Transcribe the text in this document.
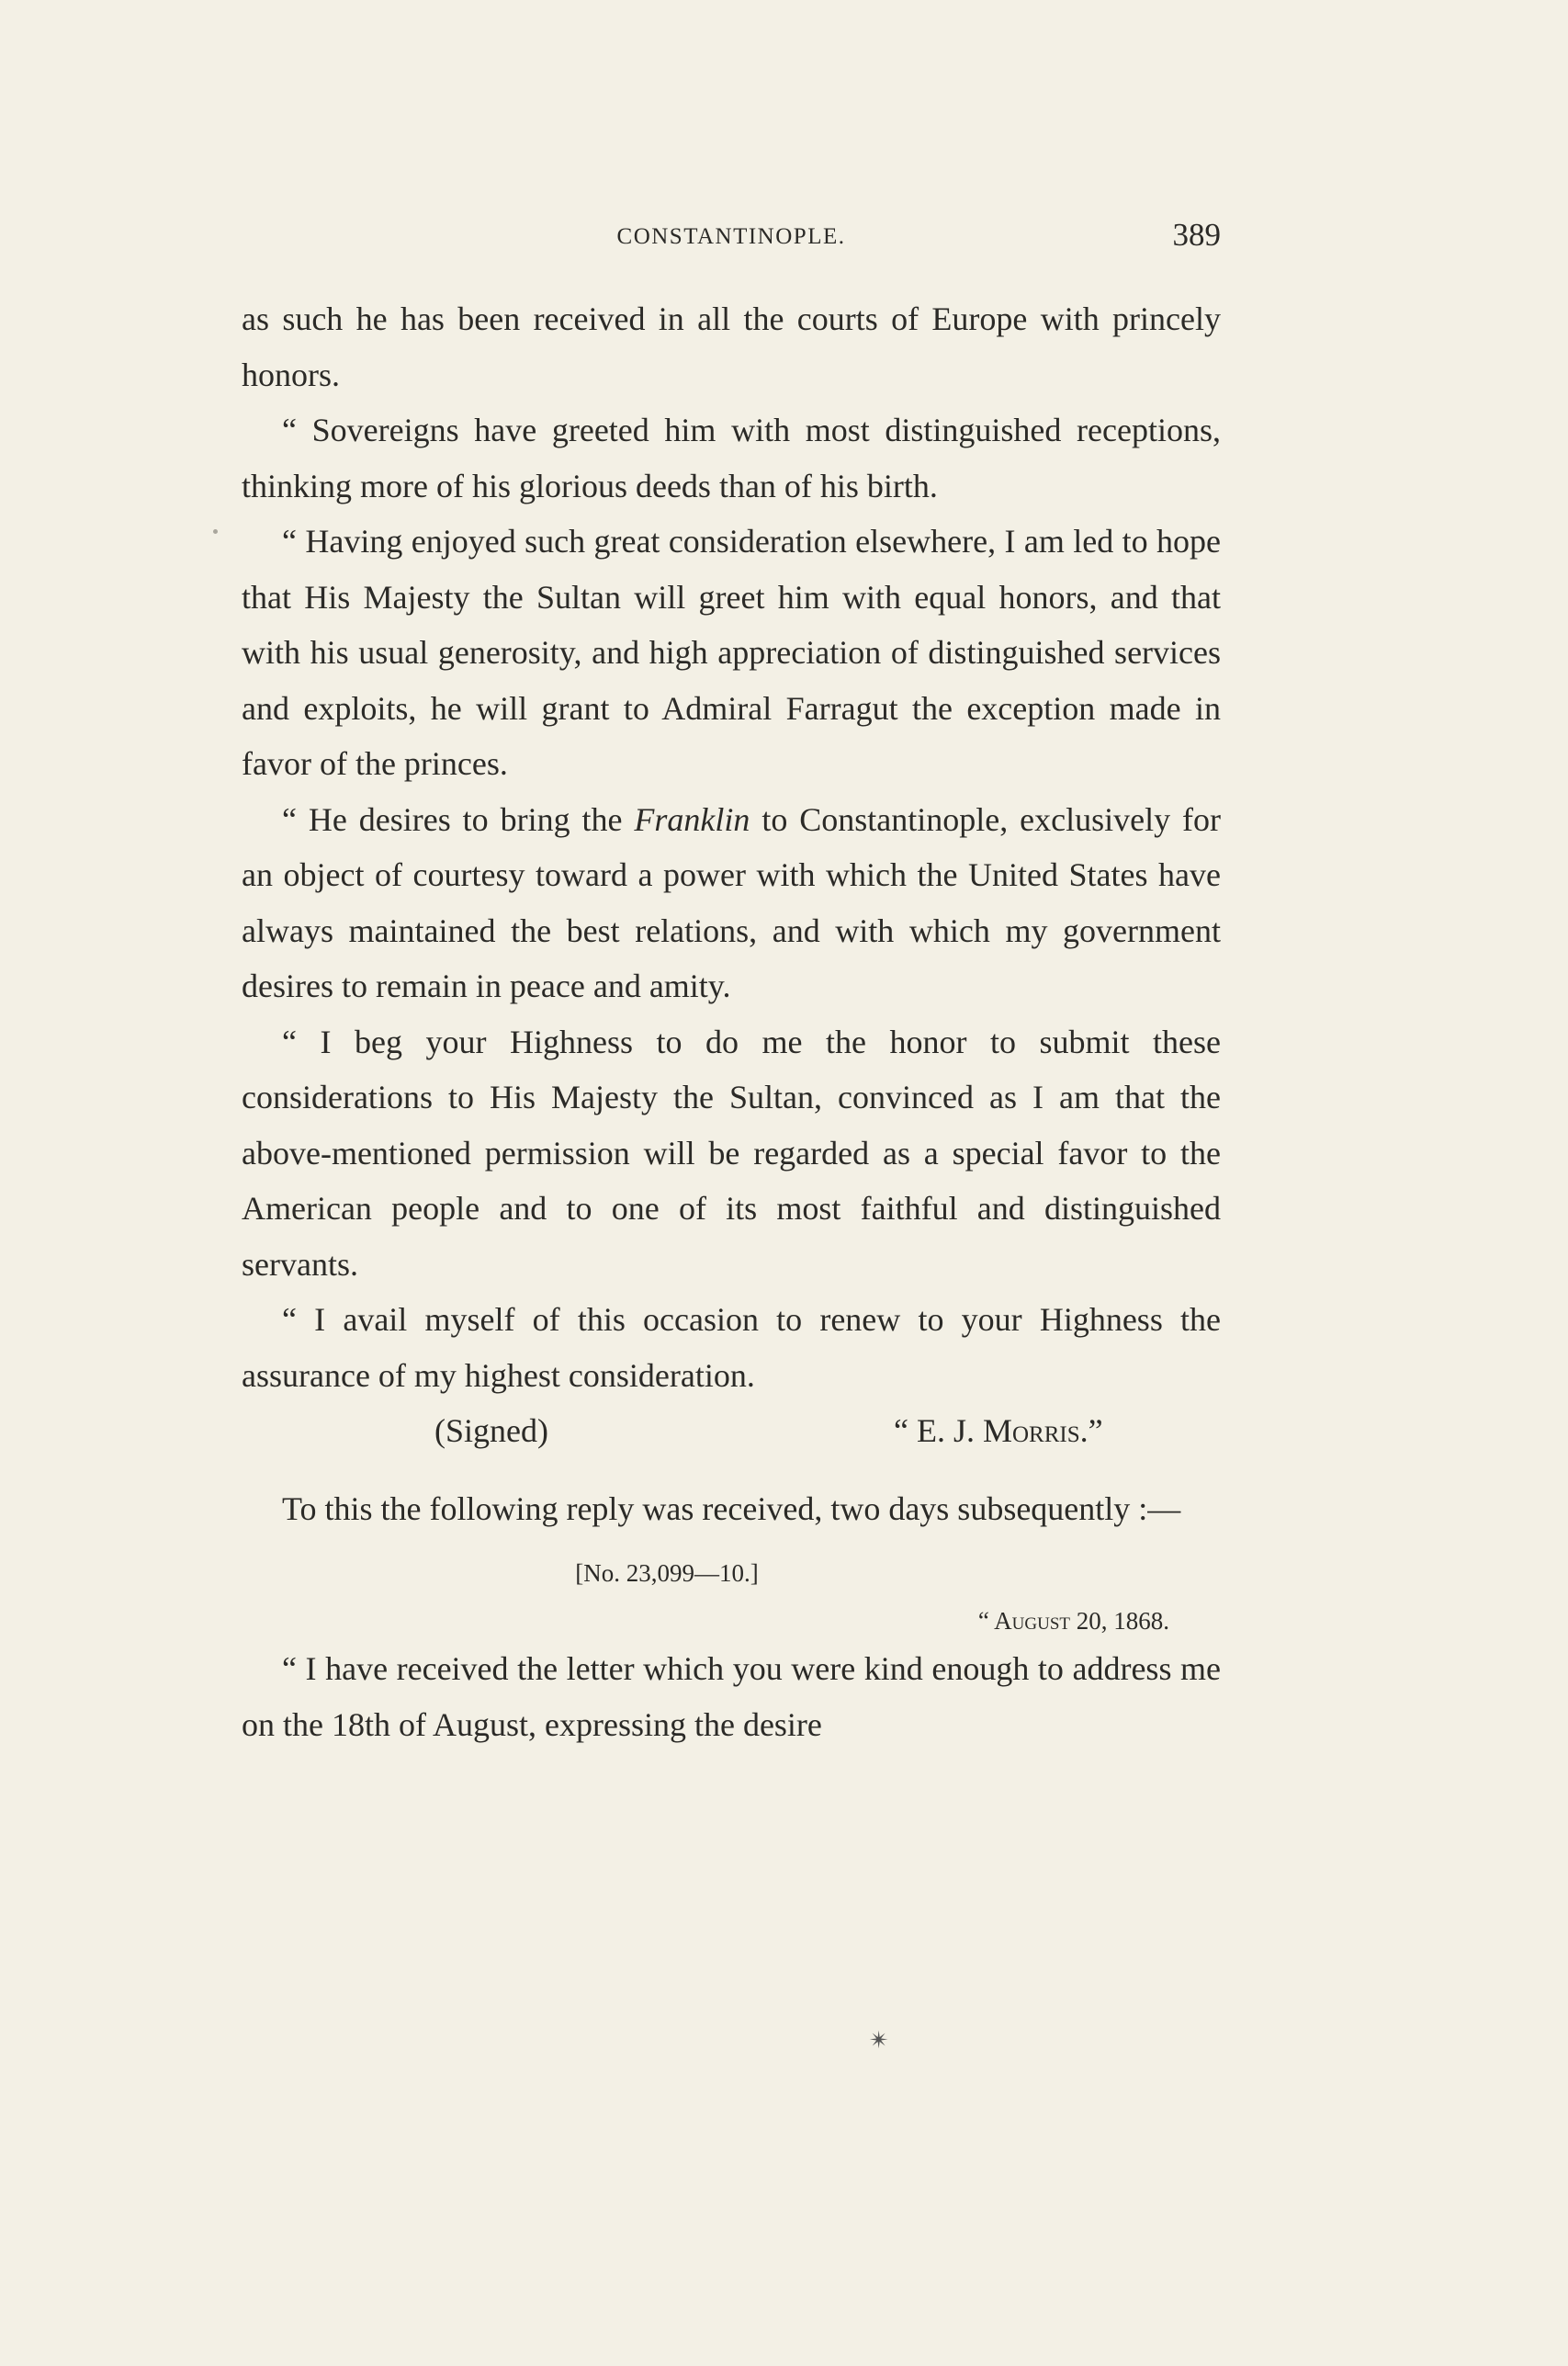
CONSTANTINOPLE.	389

as such he has been received in all the courts of Europe with princely honors.

“ Sovereigns have greeted him with most distinguished receptions, thinking more of his glorious deeds than of his birth.

“ Having enjoyed such great consideration elsewhere, I am led to hope that His Majesty the Sultan will greet him with equal honors, and that with his usual generosity, and high appreciation of distinguished services and exploits, he will grant to Admiral Farragut the exception made in favor of the princes.

“ He desires to bring the Franklin to Constantinople, exclusively for an object of courtesy toward a power with which the United States have always maintained the best relations, and with which my government desires to remain in peace and amity.

“ I beg your Highness to do me the honor to submit these considerations to His Majesty the Sultan, convinced as I am that the above-mentioned permission will be regarded as a special favor to the American people and to one of its most faithful and distinguished servants.

“ I avail myself of this occasion to renew to your Highness the assurance of my highest consideration.

(Signed)	“ E. J. Morris.”

To this the following reply was received, two days subsequently :—

[No. 23,099—10.]
“ August 20, 1868.

“ I have received the letter which you were kind enough to address me on the 18th of August, expressing the desire

✴
